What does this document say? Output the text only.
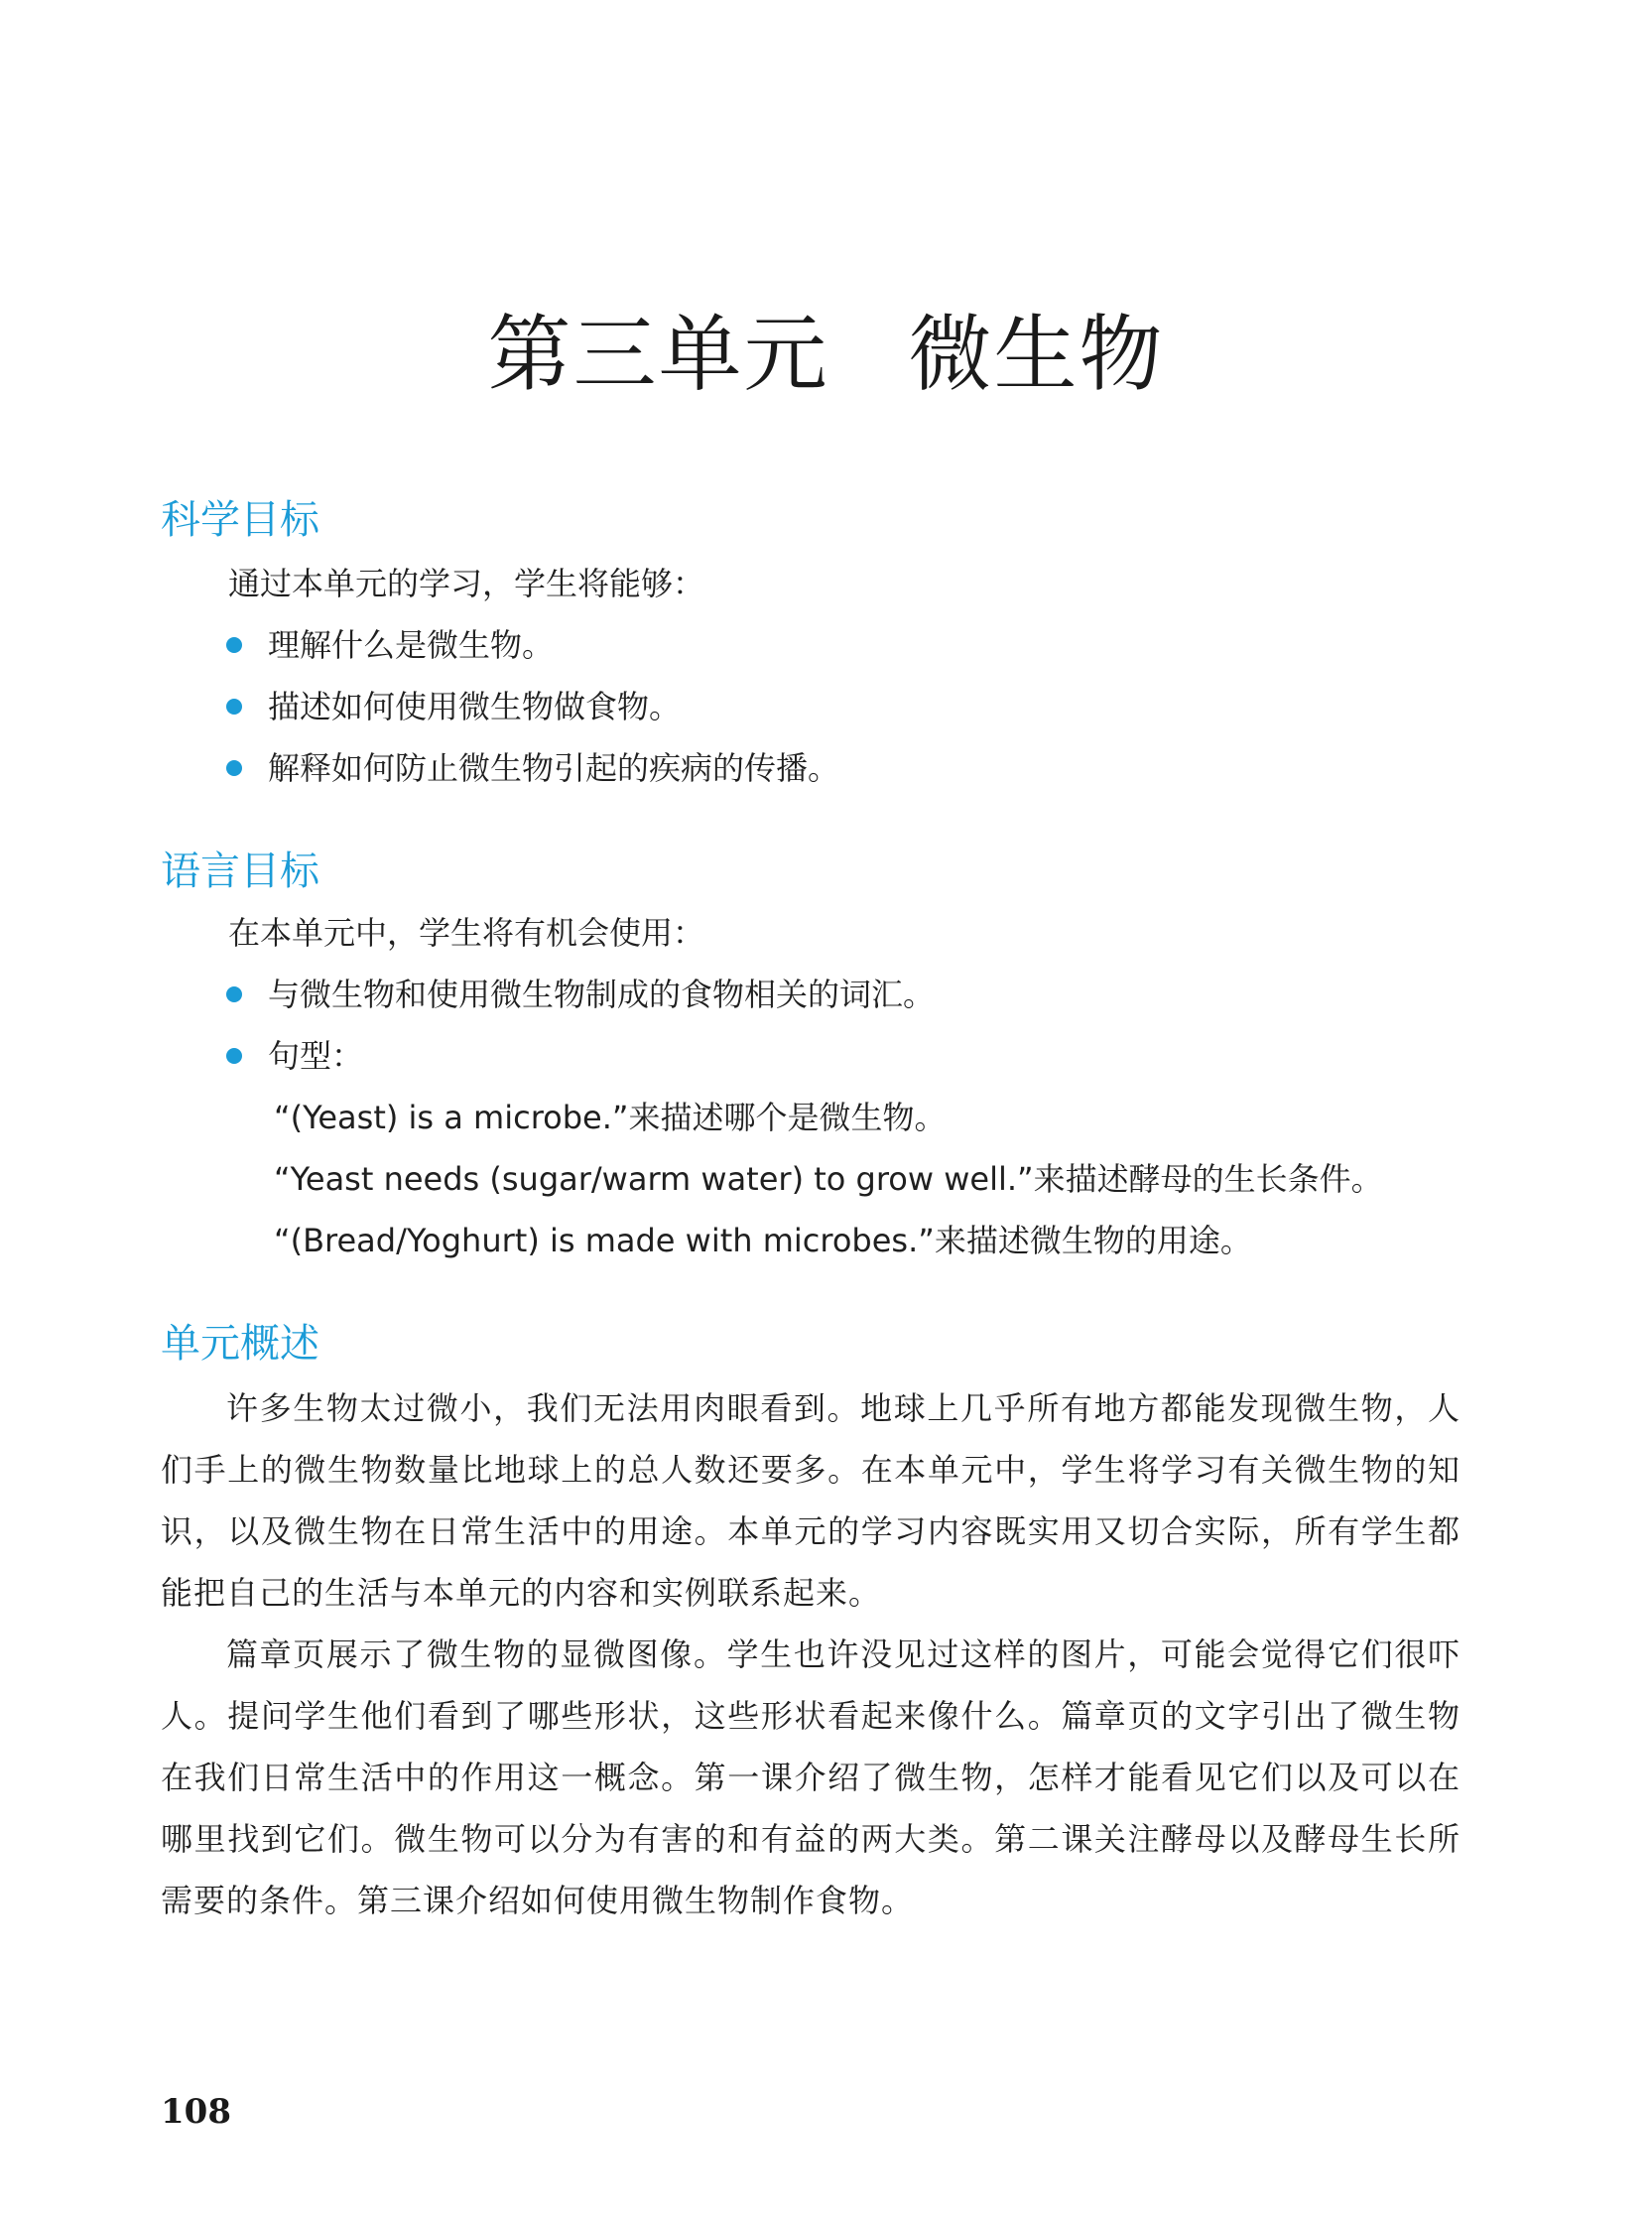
第三单元 微生物
科学目标

通过本单元的学习，学生将能够：

理解什么是微生物。
描述如何使用微生物做食物。
解释如何防止微生物引起的疾病的传播。
语言目标

在本单元中，学生将有机会使用：

与微生物和使用微生物制成的食物相关的词汇。
句型：

“(Yeast) is a microbe.”来描述哪个是微生物。

“Yeast needs (sugar/warm water) to grow well.”来描述酵母的生长条件。

“(Bread/Yoghurt) is made with microbes.”来描述微生物的用途。

单元概述

许多生物太过微小，我们无法用肉眼看到。地球上几乎所有地方都能发现微生物，人们手上的微生物数量比地球上的总人数还要多。在本单元中，学生将学习有关微生物的知识，以及微生物在日常生活中的用途。本单元的学习内容既实用又切合实际，所有学生都能把自己的生活与本单元的内容和实例联系起来。

篇章页展示了微生物的显微图像。学生也许没见过这样的图片，可能会觉得它们很吓人。提问学生他们看到了哪些形状，这些形状看起来像什么。篇章页的文字引出了微生物在我们日常生活中的作用这一概念。第一课介绍了微生物，怎样才能看见它们以及可以在哪里找到它们。微生物可以分为有害的和有益的两大类。第二课关注酵母以及酵母生长所需要的条件。第三课介绍如何使用微生物制作食物。

108
